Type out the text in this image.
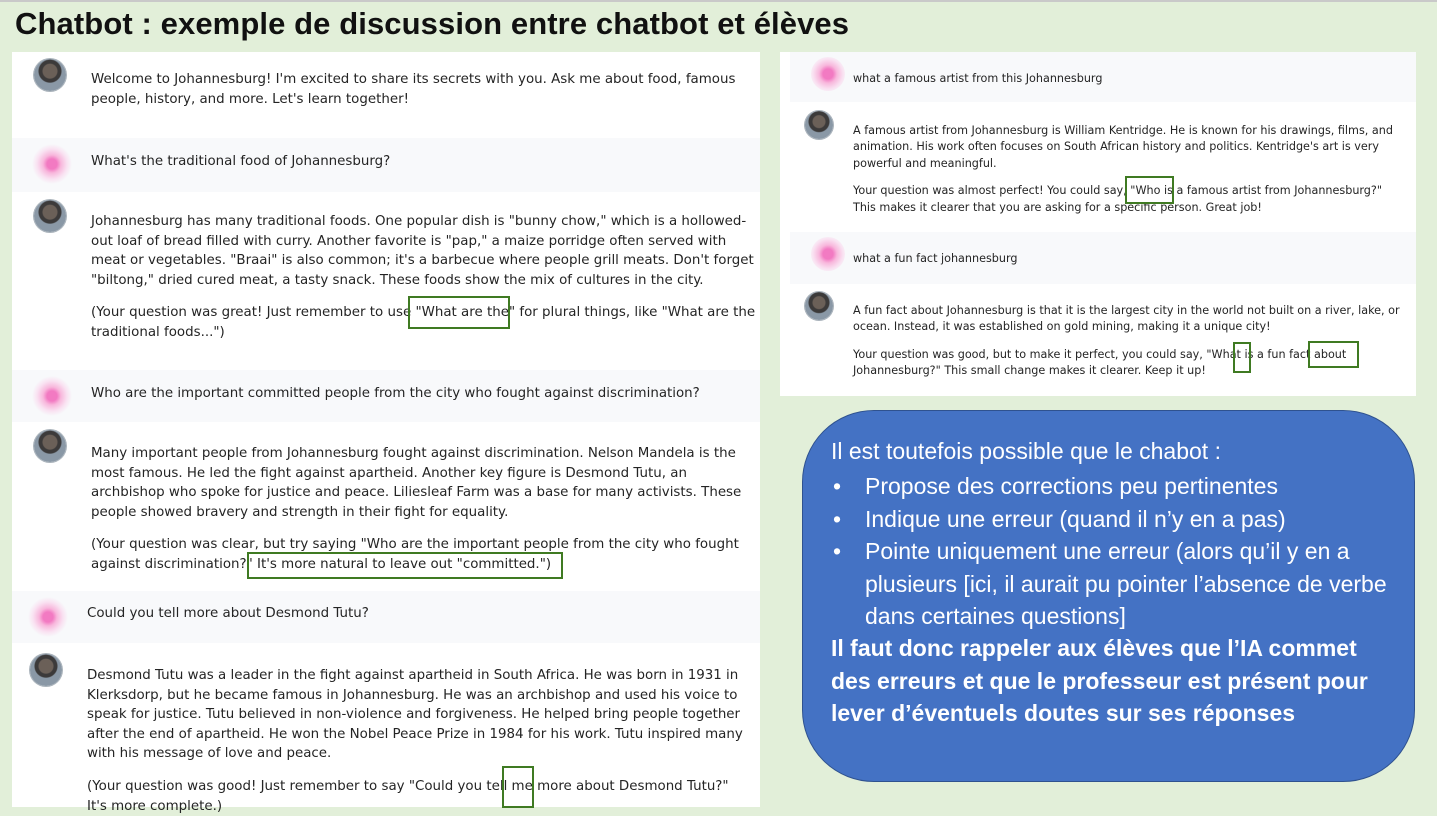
Chatbot : exemple de discussion entre chatbot et élèves
Welcome to Johannesburg! I'm excited to share its secrets with you. Ask me about food, famous people, history, and more. Let's learn together!
What's the traditional food of Johannesburg?

Johannesburg has many traditional foods. One popular dish is "bunny chow," which is a hollowed-out loaf of bread filled with curry. Another favorite is "pap," a maize porridge often served with meat or vegetables. "Braai" is also common; it's a barbecue where people grill meats. Don't forget "biltong," dried cured meat, a tasty snack. These foods show the mix of cultures in the city.

(Your question was great! Just remember to use "What are the" for plural things, like "What are the traditional foods...")

Who are the important committed people from the city who fought against discrimination?

Many important people from Johannesburg fought against discrimination. Nelson Mandela is the most famous. He led the fight against apartheid. Another key figure is Desmond Tutu, an archbishop who spoke for justice and peace. Liliesleaf Farm was a base for many activists. These people showed bravery and strength in their fight for equality.

(Your question was clear, but try saying "Who are the important people from the city who fought against discrimination?" It's more natural to leave out "committed.")

Could you tell more about Desmond Tutu?

Desmond Tutu was a leader in the fight against apartheid in South Africa. He was born in 1931 in Klerksdorp, but he became famous in Johannesburg. He was an archbishop and used his voice to speak for justice. Tutu believed in non-violence and forgiveness. He helped bring people together after the end of apartheid. He won the Nobel Peace Prize in 1984 for his work. Tutu inspired many with his message of love and peace.

(Your question was good! Just remember to say "Could you tell me more about Desmond Tutu?" It's more complete.)

what a famous artist from this Johannesburg

A famous artist from Johannesburg is William Kentridge. He is known for his drawings, films, and animation. His work often focuses on South African history and politics. Kentridge's art is very powerful and meaningful.

Your question was almost perfect! You could say, "Who is a famous artist from Johannesburg?" This makes it clearer that you are asking for a specific person. Great job!

what a fun fact johannesburg

A fun fact about Johannesburg is that it is the largest city in the world not built on a river, lake, or ocean. Instead, it was established on gold mining, making it a unique city!

Your question was good, but to make it perfect, you could say, "What is a fun fact about Johannesburg?" This small change makes it clearer. Keep it up!

Il est toutefois possible que le chabot :
• Propose des corrections peu pertinentes
• Indique une erreur (quand il n’y en a pas)
• Pointe uniquement une erreur (alors qu’il y en a plusieurs [ici, il aurait pu pointer l’absence de verbe dans certaines questions]
Il faut donc rappeler aux élèves que l’IA commet des erreurs et que le professeur est présent pour lever d’éventuels doutes sur ses réponses
